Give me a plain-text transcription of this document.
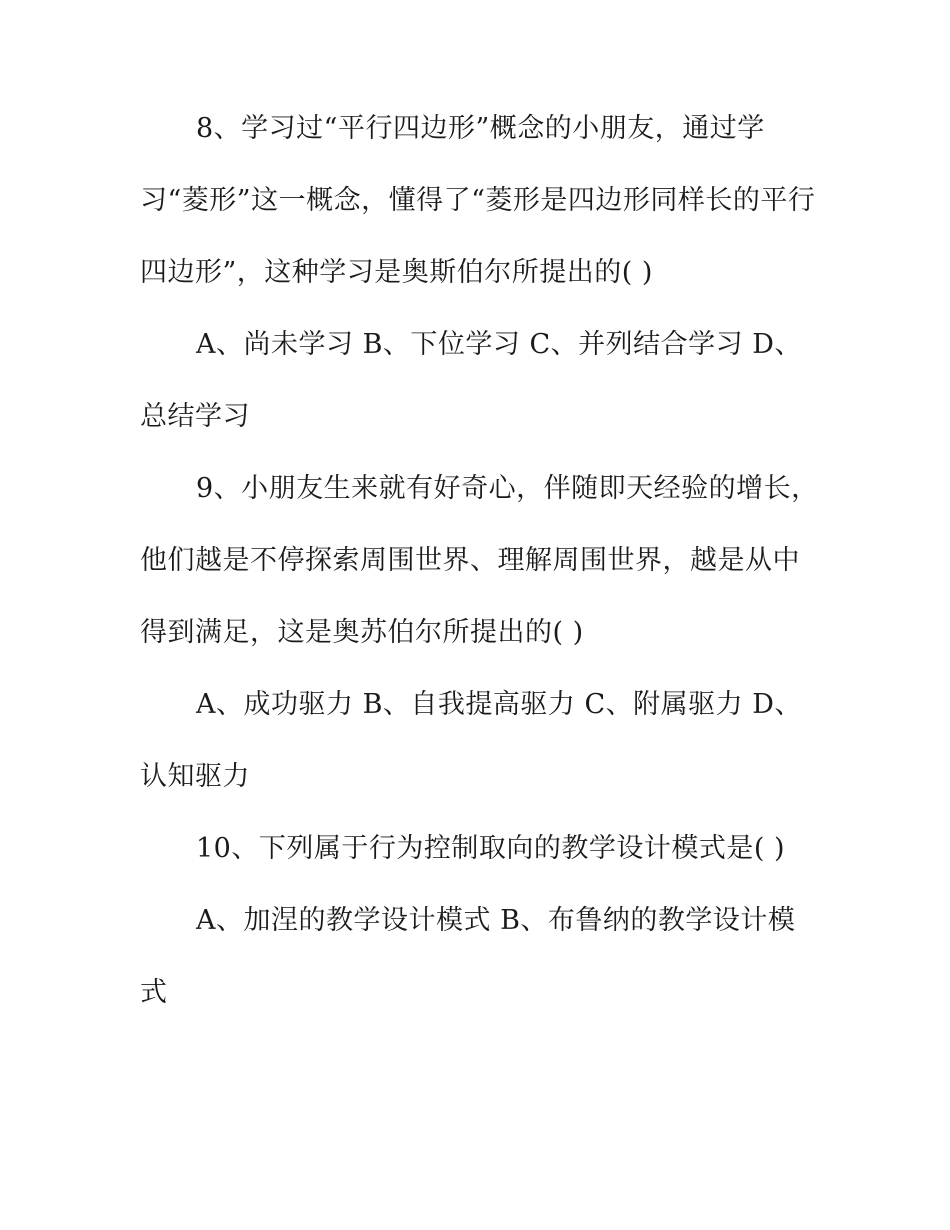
8、学习过“平行四边形”概念的小朋友，通过学习“菱形”这一概念，懂得了“菱形是四边形同样长的平行四边形”，这种学习是奥斯伯尔所提出的( )

A、尚未学习 B、下位学习 C、并列结合学习 D、总结学习

9、小朋友生来就有好奇心，伴随即天经验的增长，他们越是不停探索周围世界、理解周围世界，越是从中得到满足，这是奥苏伯尔所提出的( )

A、成功驱力 B、自我提高驱力 C、附属驱力 D、认知驱力

10、下列属于行为控制取向的教学设计模式是( )

A、加涅的教学设计模式 B、布鲁纳的教学设计模式
